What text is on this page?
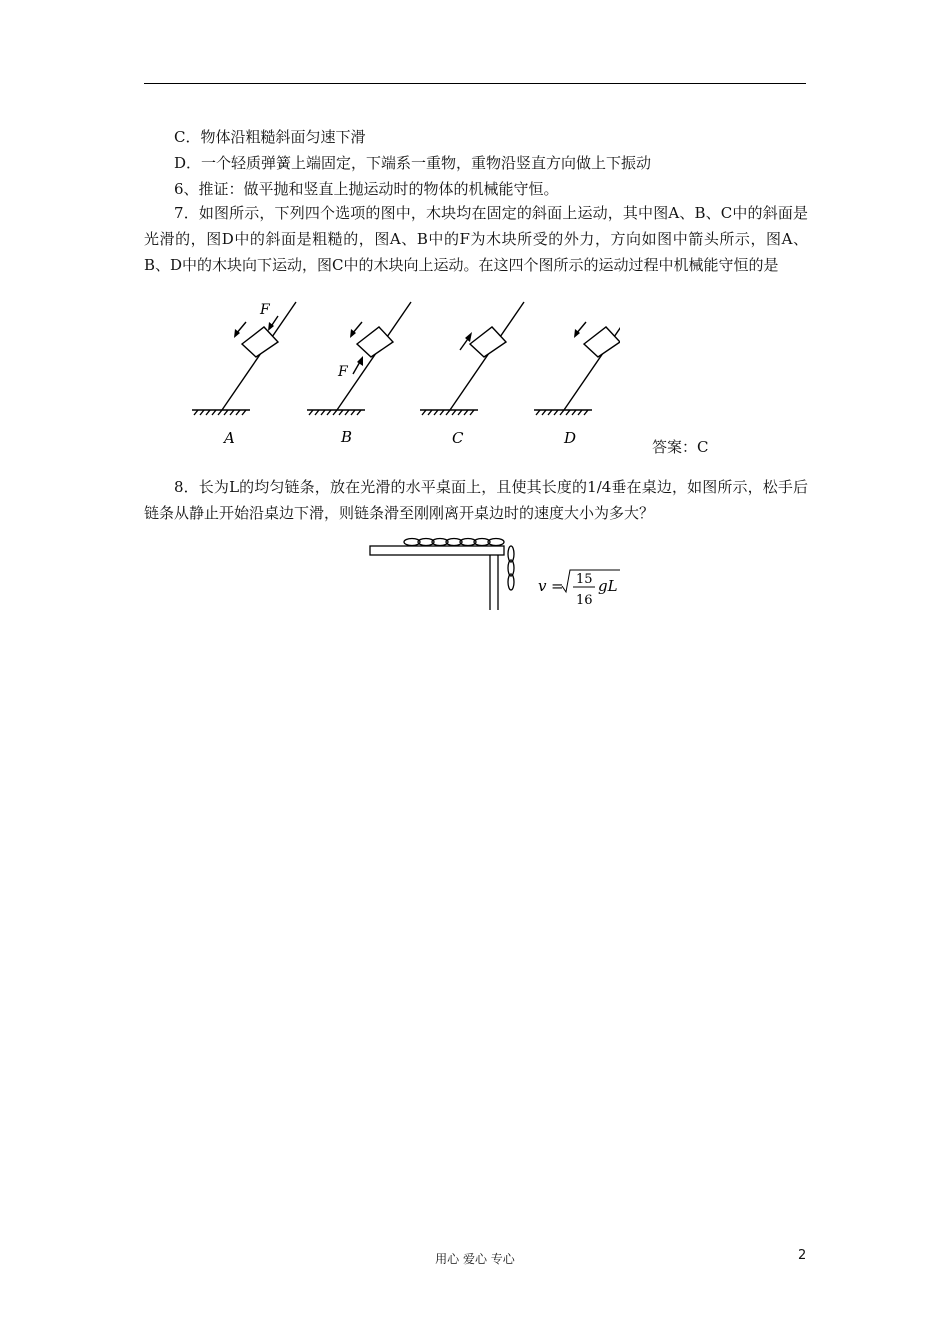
C．物体沿粗糙斜面匀速下滑
D．一个轻质弹簧上端固定，下端系一重物，重物沿竖直方向做上下振动
6、推证：做平抛和竖直上抛运动时的物体的机械能守恒。
7．如图所示，下列四个选项的图中，木块均在固定的斜面上运动，其中图A、B、C中的斜面是光滑的，图D中的斜面是粗糙的，图A、B中的F为木块所受的外力，方向如图中箭头所示，图A、B、D中的木块向下运动，图C中的木块向上运动。在这四个图所示的运动过程中机械能守恒的是
F
F
A	B	C	D	答案：C
8．长为L的均匀链条，放在光滑的水平桌面上，且使其长度的1/4垂在桌边，如图所示，松手后链条从静止开始沿桌边下滑，则链条滑至刚刚离开桌边时的速度大小为多大？
v = 15
16
gL
用心 爱心 专心	2
